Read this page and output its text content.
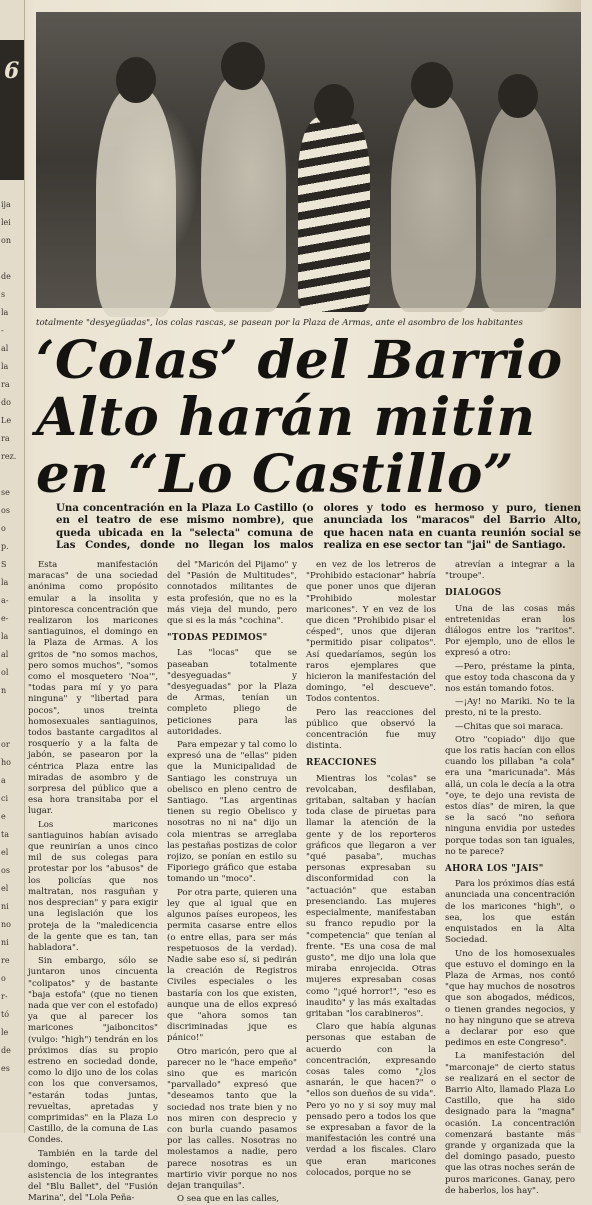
6
ija
lei
on
de
s
la
-
al
la
ra
do
Le
ra
rez.
se
os
o
p.
S
la
a-
e-
la
al
ol
n
or
ho
a
ci
e
ta
el
os
el
ni
no
ni
re
o
r-
tó
le
de
es
totalmente "desyegüadas", los colas rascas, se pasean por la Plaza de Armas, ante el asombro de los habitantes
‘Colas’ del Barrio
Alto harán mitin
en “Lo Castillo”
Una concentración en la Plaza Lo Castillo (o en el teatro de ese mismo nombre), que queda ubicada en la "selecta" comuna de Las Condes, donde no llegan los malos olores y todo es hermoso y puro, tienen anunciada los "maracos" del Barrio Alto, que hacen nata en cuanta reunión social se realiza en ese sector tan "jai" de Santiago.

Esta manifestación maracas" de una sociedad anónima como propósito emular a la insolita y pintoresca concentración que realizaron los maricones santiaguinos, el domingo en la Plaza de Armas. A los gritos de "no somos machos, pero somos muchos", "somos como el mosquetero 'Noa'", "todas para mí y yo para ninguna" y "libertad para pocos", unos treinta homosexuales santiaguinos, todos bastante cargaditos al rosquerío y a la falta de jabón, se pasearon por la céntrica Plaza entre las miradas de asombro y de sorpresa del público que a esa hora transitaba por el lugar.

Los maricones santiaguinos habían avisado que reunirían a unos cinco mil de sus colegas para protestar por los "abusos" de los policías que nos maltratan, nos rasguñan y nos desprecian" y para exigir una legislación que los proteja de la "maledicencia de la gente que es tan, tan habladora".

Sin embargo, sólo se juntaron unos cincuenta "colipatos" y de bastante "baja estofa" (que no tienen nada que ver con el estofado) ya que al parecer los maricones "jaiboncitos" (vulgo: "high") tendrán en los próximos días su propio estreno en sociedad donde, como lo dijo uno de los colas con los que conversamos, "estarán todas juntas, revueltas, apretadas y comprimidas" en la Plaza Lo Castillo, de la comuna de Las Condes.

También en la tarde del domingo, estaban de asistencia de los integrantes del "Blu Ballet", del "Fusión Marina", del "Lola Peña-

del "Maricón del Pijamo" y del "Pasión de Multitudes", connotados militantes de esta profesión, que no es la más vieja del mundo, pero que si es la más "cochina".

"TODAS PEDIMOS"

Las "locas" que se paseaban totalmente "desyeguadas" y "desyeguadas" por la Plaza de Armas, tenían un completo pliego de peticiones para las autoridades.

Para empezar y tal como lo expresó una de "ellas" piden que la Municipalidad de Santiago les construya un obelisco en pleno centro de Santiago. "Las argentinas tienen su regio Obelisco y nosotras no ni na" dijo un cola mientras se arreglaba las pestañas postizas de color rojizo, se ponían en estilo su Fiporiego gráfico que estaba tomando un "moco".

Por otra parte, quieren una ley que al igual que en algunos países europeos, les permita casarse entre ellos (o entre ellas, para ser más respetuosos de la verdad). Nadie sabe eso sí, si pedirán la creación de Registros Civiles especiales o les bastaría con los que existen, aunque una de ellos expresó que "ahora somos tan discriminadas jque es pánico!"

Otro maricón, pero que al parecer no le "hace empeño" sino que es maricón "parvallado" expresó que "deseamos tanto que la sociedad nos trate bien y no nos miren con desprecio y con burla cuando pasamos por las calles. Nosotras no molestamos a nadie, pero parece nosotras es un martirio vivir porque no nos dejan tranquilas".

O sea que en las calles,

en vez de los letreros de "Prohibido estacionar" habría que poner unos que dijeran "Prohibido molestar maricones". Y en vez de los que dicen "Prohibido pisar el césped", unos que dijeran "permitido pisar colipatos". Así quedaríamos, según los raros ejemplares que hicieron la manifestación del domingo, "el descueve". Todos contentos.

Pero las reacciones del público que observó la concentración fue muy distinta.

REACCIONES

Mientras los "colas" se revolcaban, desfilaban, gritaban, saltaban y hacían toda clase de piruetas para llamar la atención de la gente y de los reporteros gráficos que llegaron a ver "qué pasaba", muchas personas expresaban su disconformidad con la "actuación" que estaban presenciando. Las mujeres especialmente, manifestaban su franco repudio por la "competencia" que tenían al frente. "Es una cosa de mal gusto", me dijo una lola que miraba enrojecida. Otras mujeres expresaban cosas como "¡qué horror!", "eso es inaudito" y las más exaltadas gritaban "los carabineros".

Claro que había algunas personas que estaban de acuerdo con la concentración, expresando cosas tales como "¿los asnarán, le que hacen?" o "ellos son dueños de su vida". Pero yo no y si soy muy mal pensado pero a todos los que se expresaban a favor de la manifestación les contré una verdad a los fiscales. Claro que eran maricones colocados, porque no se

atrevían a integrar a la "troupe".

DIALOGOS

Una de las cosas más entretenidas eran los diálogos entre los "raritos". Por ejemplo, uno de ellos le expresó a otro:

—Pero, préstame la pinta, que estoy toda chascona da y nos están tomando fotos.

—¡Ay! no Mariki. No te la presto, ni te la presto.

—Chitas que soi maraca.

Otro "copiado" dijo que que los ratis hacían con ellos cuando los pillaban "a cola" era una "maricunada". Más allá, un cola le decía a la otra "oye, te dejo una revista de estos días" de miren, la que se la sacó "no señora ninguna envidia por ustedes porque todas son tan iguales, no te parece?

AHORA LOS "JAIS"

Para los próximos días está anunciada una concentración de los maricones "high", o sea, los que están enquistados en la Alta Sociedad.

Uno de los homosexuales que estuvo el domingo en la Plaza de Armas, nos contó "que hay muchos de nosotros que son abogados, médicos, o tienen grandes negocios, y no hay ninguno que se atreva a declarar por eso que pedimos en este Congreso".

La manifestación del "marconaje" de cierto status se realizará en el sector de Barrio Alto, llamado Plaza Lo Castillo, que ha sido designado para la "magna" ocasión. La concentración comenzará bastante más grande y organizada que la del domingo pasado, puesto que las otras noches serán de puros maricones. Ganay, pero de haberlos, los hay".
